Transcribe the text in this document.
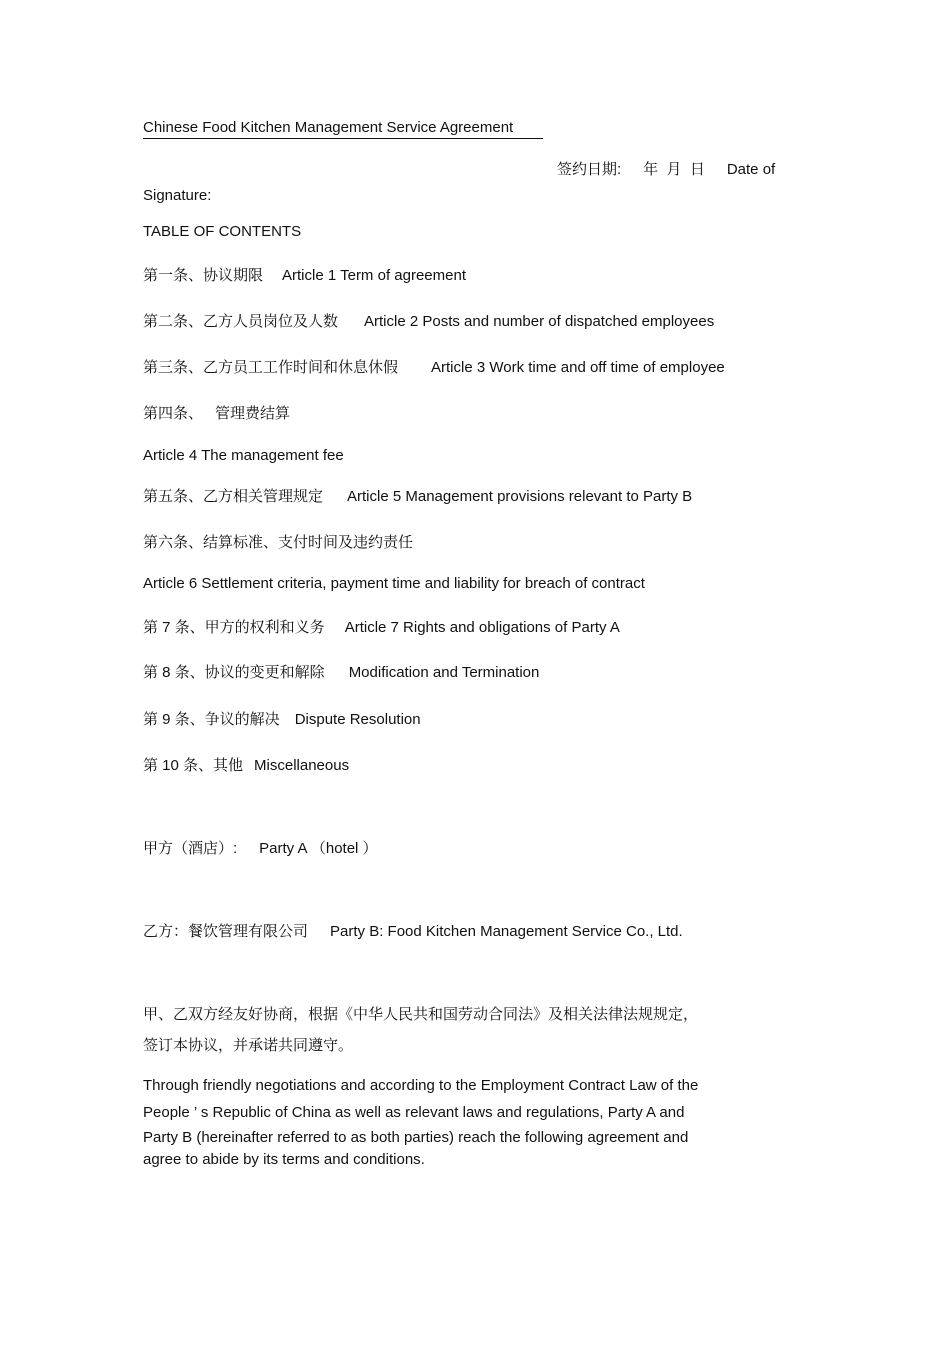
Chinese Food Kitchen Management Service Agreement
签约日期: 年  月  日 Date of
Signature:
TABLE OF CONTENTS
第一条、协议期限 Article 1 Term of agreement
第二条、乙方人员岗位及人数 Article 2 Posts and number of dispatched employees
第三条、乙方员工工作时间和休息休假 Article 3 Work time and off time of employee
第四条、 管理费结算
Article 4 The management fee
第五条、乙方相关管理规定 Article 5 Management provisions relevant to Party B
第六条、结算标准、支付时间及违约责任
Article 6 Settlement criteria, payment time and liability for breach of contract
第 7 条、甲方的权利和义务 Article 7 Rights and obligations of Party A
第 8 条、协议的变更和解除 Modification and Termination
第 9 条、争议的解决 Dispute Resolution
第 10 条、其他 Miscellaneous
甲方（酒店）: Party A （hotel ）
乙方：餐饮管理有限公司 Party B: Food Kitchen Management Service Co., Ltd.
甲、乙双方经友好协商，根据《中华人民共和国劳动合同法》及相关法律法规规定，
签订本协议，并承诺共同遵守。
Through friendly negotiations and according to the Employment Contract Law of the
People ’ s Republic of China as well as relevant laws and regulations, Party A and
Party B (hereinafter referred to as both parties) reach the following agreement and
agree to abide by its terms and conditions.
